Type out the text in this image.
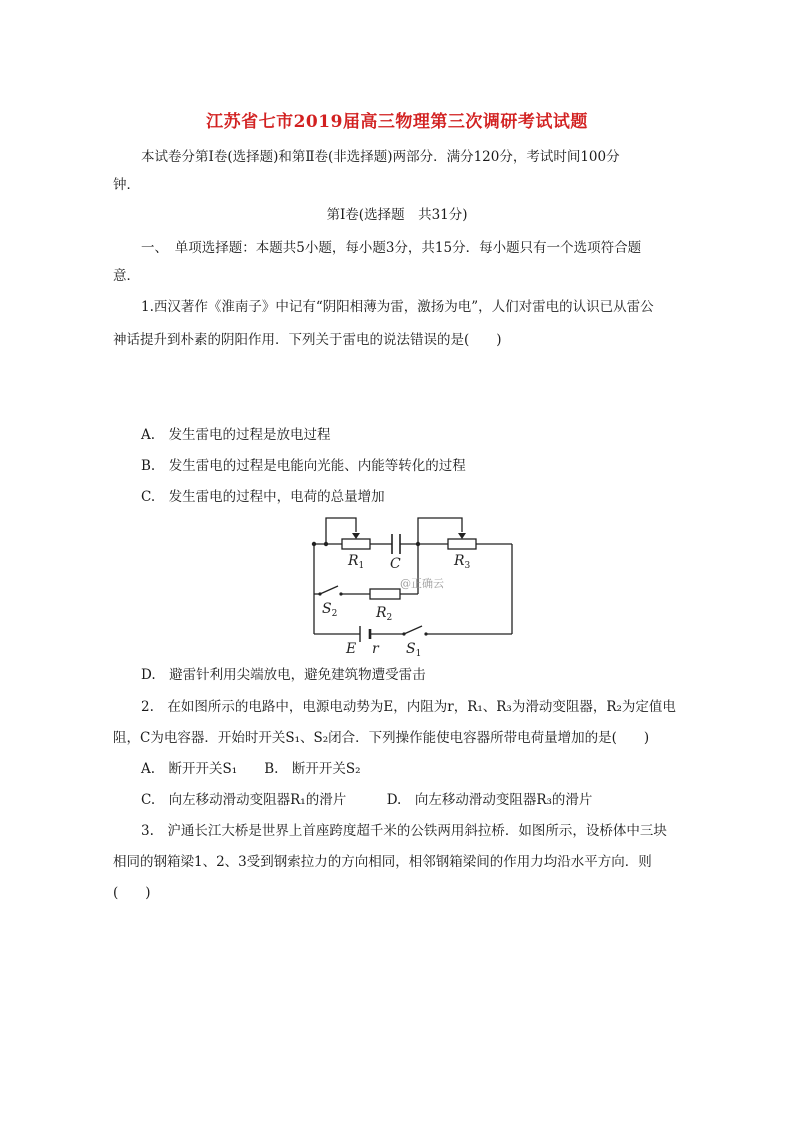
江苏省七市2019届高三物理第三次调研考试试题
本试卷分第Ⅰ卷(选择题)和第Ⅱ卷(非选择题)两部分．满分120分，考试时间100分
钟．
第Ⅰ卷(选择题　共31分)
一、　单项选择题：本题共5小题，每小题3分，共15分．每小题只有一个选项符合题
意．
1.西汉著作《淮南子》中记有“阴阳相薄为雷，激扬为电”，人们对雷电的认识已从雷公
神话提升到朴素的阴阳作用．下列关于雷电的说法错误的是(　　)
A.　发生雷电的过程是放电过程
B.　发生雷电的过程是电能向光能、内能等转化的过程
C.　发生雷电的过程中，电荷的总量增加
$R_1$ C	$R_3$
$S_2$	$R_2$
E r $S_1$
@正确云
D.　避雷针利用尖端放电，避免建筑物遭受雷击
2.　在如图所示的电路中，电源电动势为E，内阻为r，R₁、R₃为滑动变阻器，R₂为定值电
阻，C为电容器．开始时开关S₁、S₂闭合．下列操作能使电容器所带电荷量增加的是(　　)
A.　断开开关S₁　　B.　断开开关S₂
C.　向左移动滑动变阻器R₁的滑片　　　D.　向左移动滑动变阻器R₃的滑片
3.　沪通长江大桥是世界上首座跨度超千米的公铁两用斜拉桥．如图所示，设桥体中三块
相同的钢箱梁1、2、3受到钢索拉力的方向相同，相邻钢箱梁间的作用力均沿水平方向．则
(　　)
